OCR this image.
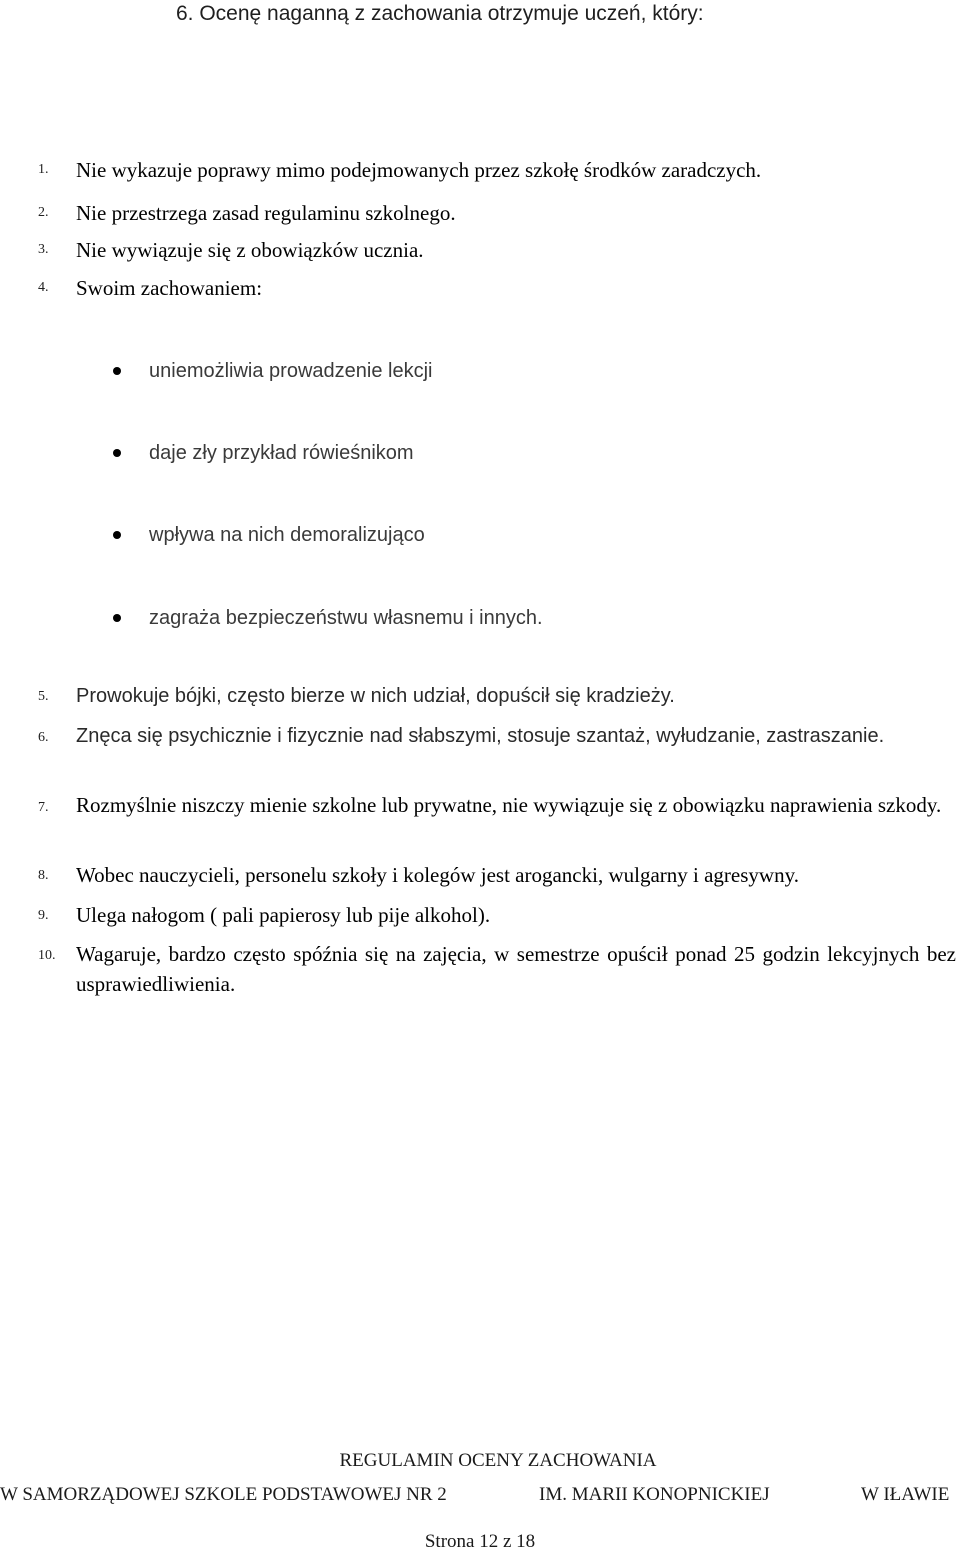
6. Ocenę naganną z zachowania otrzymuje uczeń, który:
1.	Nie wykazuje poprawy mimo podejmowanych przez szkołę środków zaradczych.
2.	Nie przestrzega zasad regulaminu szkolnego.
3.	Nie wywiązuje się z obowiązków ucznia.
4.	Swoim zachowaniem:
uniemożliwia prowadzenie lekcji
daje zły przykład rówieśnikom
wpływa na nich demoralizująco
zagraża bezpieczeństwu własnemu i innych.
5.	Prowokuje bójki, często bierze w nich udział, dopuścił się kradzieży.
6.	Znęca się psychicznie i fizycznie nad słabszymi, stosuje szantaż, wyłudzanie, zastraszanie.
7.	Rozmyślnie niszczy mienie szkolne lub prywatne, nie wywiązuje się z obowiązku naprawienia szkody.
8.	Wobec nauczycieli, personelu szkoły i kolegów jest arogancki, wulgarny i agresywny.
9.	Ulega nałogom ( pali papierosy lub pije alkohol).
10. Wagaruje, bardzo często spóźnia się na zajęcia, w semestrze opuścił ponad 25 godzin lekcyjnych bez usprawiedliwienia.
REGULAMIN OCENY ZACHOWANIA
W SAMORZĄDOWEJ SZKOLE PODSTAWOWEJ NR 2	IM. MARII KONOPNICKIEJ	W IŁAWIE
Strona 12 z 18
